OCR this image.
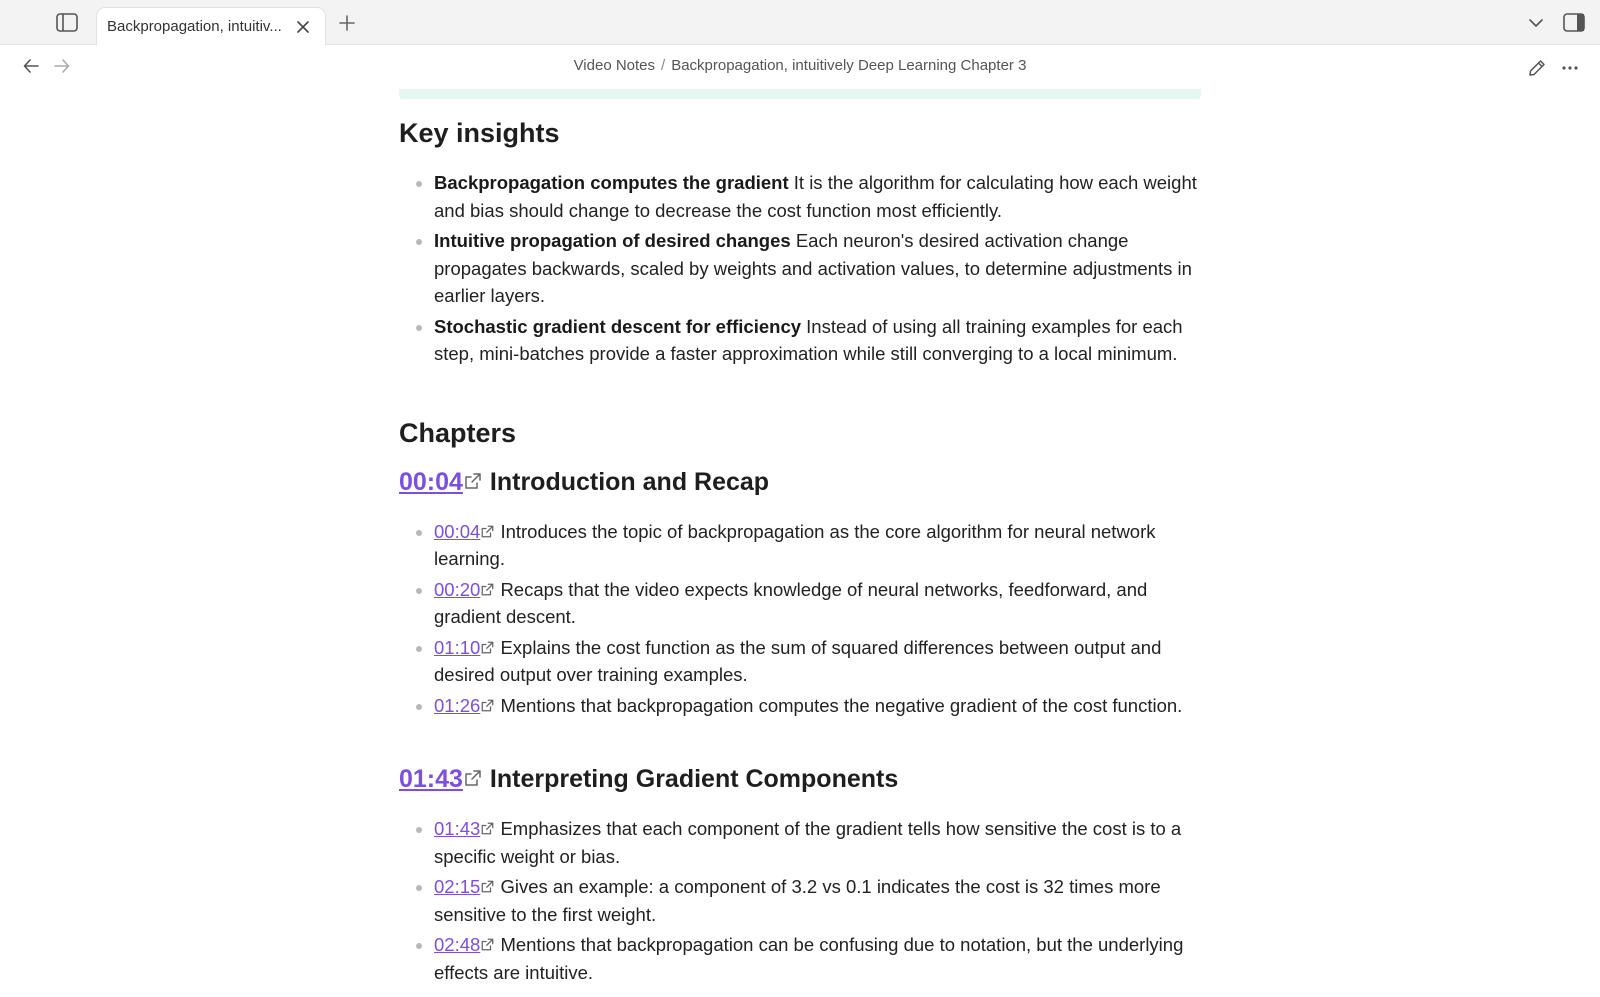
Backpropagation, intuitiv...
Video Notes / Backpropagation, intuitively Deep Learning Chapter 3
Key insights
Backpropagation computes the gradient It is the algorithm for calculating how each weight and bias should change to decrease the cost function most efficiently.
Intuitive propagation of desired changes Each neuron's desired activation change propagates backwards, scaled by weights and activation values, to determine adjustments in earlier layers.
Stochastic gradient descent for efficiency Instead of using all training examples for each step, mini-batches provide a faster approximation while still converging to a local minimum.
Chapters
00:04 Introduction and Recap
00:04 Introduces the topic of backpropagation as the core algorithm for neural network learning.
00:20 Recaps that the video expects knowledge of neural networks, feedforward, and gradient descent.
01:10 Explains the cost function as the sum of squared differences between output and desired output over training examples.
01:26 Mentions that backpropagation computes the negative gradient of the cost function.
01:43 Interpreting Gradient Components
01:43 Emphasizes that each component of the gradient tells how sensitive the cost is to a specific weight or bias.
02:15 Gives an example: a component of 3.2 vs 0.1 indicates the cost is 32 times more sensitive to the first weight.
02:48 Mentions that backpropagation can be confusing due to notation, but the underlying effects are intuitive.
